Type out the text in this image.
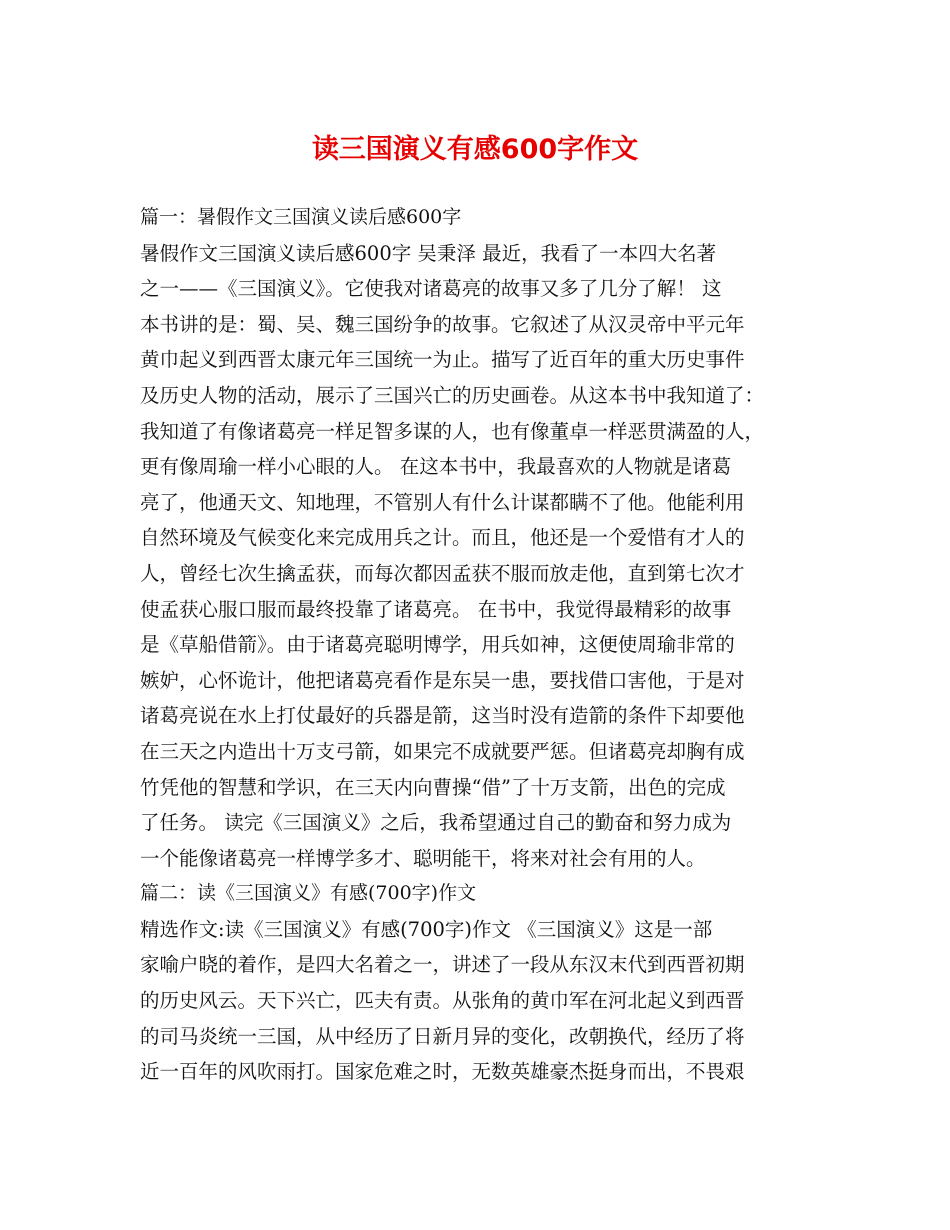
读三国演义有感600字作文
篇一：暑假作文三国演义读后感600字
暑假作文三国演义读后感600字 吴秉泽 最近，我看了一本四大名著
之一——《三国演义》。它使我对诸葛亮的故事又多了几分了解！ 这
本书讲的是：蜀、吴、魏三国纷争的故事。它叙述了从汉灵帝中平元年
黄巾起义到西晋太康元年三国统一为止。描写了近百年的重大历史事件
及历史人物的活动，展示了三国兴亡的历史画卷。从这本书中我知道了：
我知道了有像诸葛亮一样足智多谋的人，也有像董卓一样恶贯满盈的人，
更有像周瑜一样小心眼的人。 在这本书中，我最喜欢的人物就是诸葛
亮了，他通天文、知地理，不管别人有什么计谋都瞒不了他。他能利用
自然环境及气候变化来完成用兵之计。而且，他还是一个爱惜有才人的
人，曾经七次生擒孟获，而每次都因孟获不服而放走他，直到第七次才
使孟获心服口服而最终投靠了诸葛亮。 在书中，我觉得最精彩的故事
是《草船借箭》。由于诸葛亮聪明博学，用兵如神，这便使周瑜非常的
嫉妒，心怀诡计，他把诸葛亮看作是东吴一患，要找借口害他，于是对
诸葛亮说在水上打仗最好的兵器是箭，这当时没有造箭的条件下却要他
在三天之内造出十万支弓箭，如果完不成就要严惩。但诸葛亮却胸有成
竹凭他的智慧和学识，在三天内向曹操“借”了十万支箭，出色的完成
了任务。 读完《三国演义》之后，我希望通过自己的勤奋和努力成为
一个能像诸葛亮一样博学多才、聪明能干，将来对社会有用的人。
篇二：读《三国演义》有感(700字)作文
精选作文:读《三国演义》有感(700字)作文 《三国演义》这是一部
家喻户晓的着作，是四大名着之一，讲述了一段从东汉末代到西晋初期
的历史风云。天下兴亡，匹夫有责。从张角的黄巾军在河北起义到西晋
的司马炎统一三国，从中经历了日新月异的变化，改朝换代，经历了将
近一百年的风吹雨打。国家危难之时，无数英雄豪杰挺身而出，不畏艰
